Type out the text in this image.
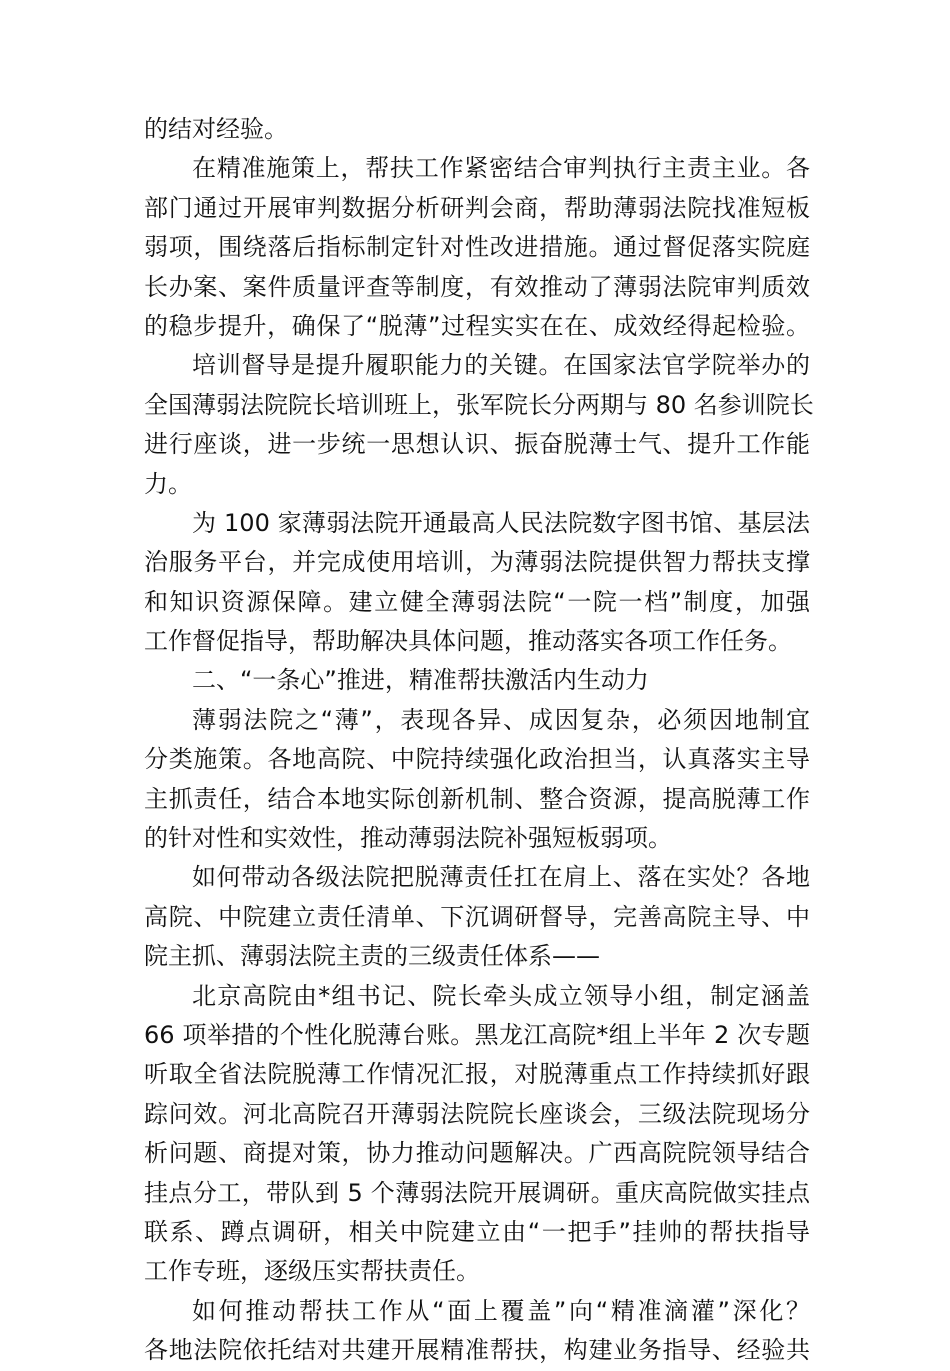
的结对经验。
在精准施策上，帮扶工作紧密结合审判执行主责主业。各
部门通过开展审判数据分析研判会商，帮助薄弱法院找准短板
弱项，围绕落后指标制定针对性改进措施。通过督促落实院庭
长办案、案件质量评查等制度，有效推动了薄弱法院审判质效
的稳步提升，确保了“脱薄”过程实实在在、成效经得起检验。
培训督导是提升履职能力的关键。在国家法官学院举办的
全国薄弱法院院长培训班上，张军院长分两期与 80 名参训院长
进行座谈，进一步统一思想认识、振奋脱薄士气、提升工作能
力。
为 100 家薄弱法院开通最高人民法院数字图书馆、基层法
治服务平台，并完成使用培训，为薄弱法院提供智力帮扶支撑
和知识资源保障。建立健全薄弱法院“一院一档”制度，加强
工作督促指导，帮助解决具体问题，推动落实各项工作任务。
二、“一条心”推进，精准帮扶激活内生动力
薄弱法院之“薄”，表现各异、成因复杂，必须因地制宜
分类施策。各地高院、中院持续强化政治担当，认真落实主导
主抓责任，结合本地实际创新机制、整合资源，提高脱薄工作
的针对性和实效性，推动薄弱法院补强短板弱项。
如何带动各级法院把脱薄责任扛在肩上、落在实处？各地
高院、中院建立责任清单、下沉调研督导，完善高院主导、中
院主抓、薄弱法院主责的三级责任体系——
北京高院由*组书记、院长牵头成立领导小组，制定涵盖
66 项举措的个性化脱薄台账。黑龙江高院*组上半年 2 次专题
听取全省法院脱薄工作情况汇报，对脱薄重点工作持续抓好跟
踪问效。河北高院召开薄弱法院院长座谈会，三级法院现场分
析问题、商提对策，协力推动问题解决。广西高院院领导结合
挂点分工，带队到 5 个薄弱法院开展调研。重庆高院做实挂点
联系、蹲点调研，相关中院建立由“一把手”挂帅的帮扶指导
工作专班，逐级压实帮扶责任。
如何推动帮扶工作从“面上覆盖”向“精准滴灌”深化？
各地法院依托结对共建开展精准帮扶，构建业务指导、经验共
